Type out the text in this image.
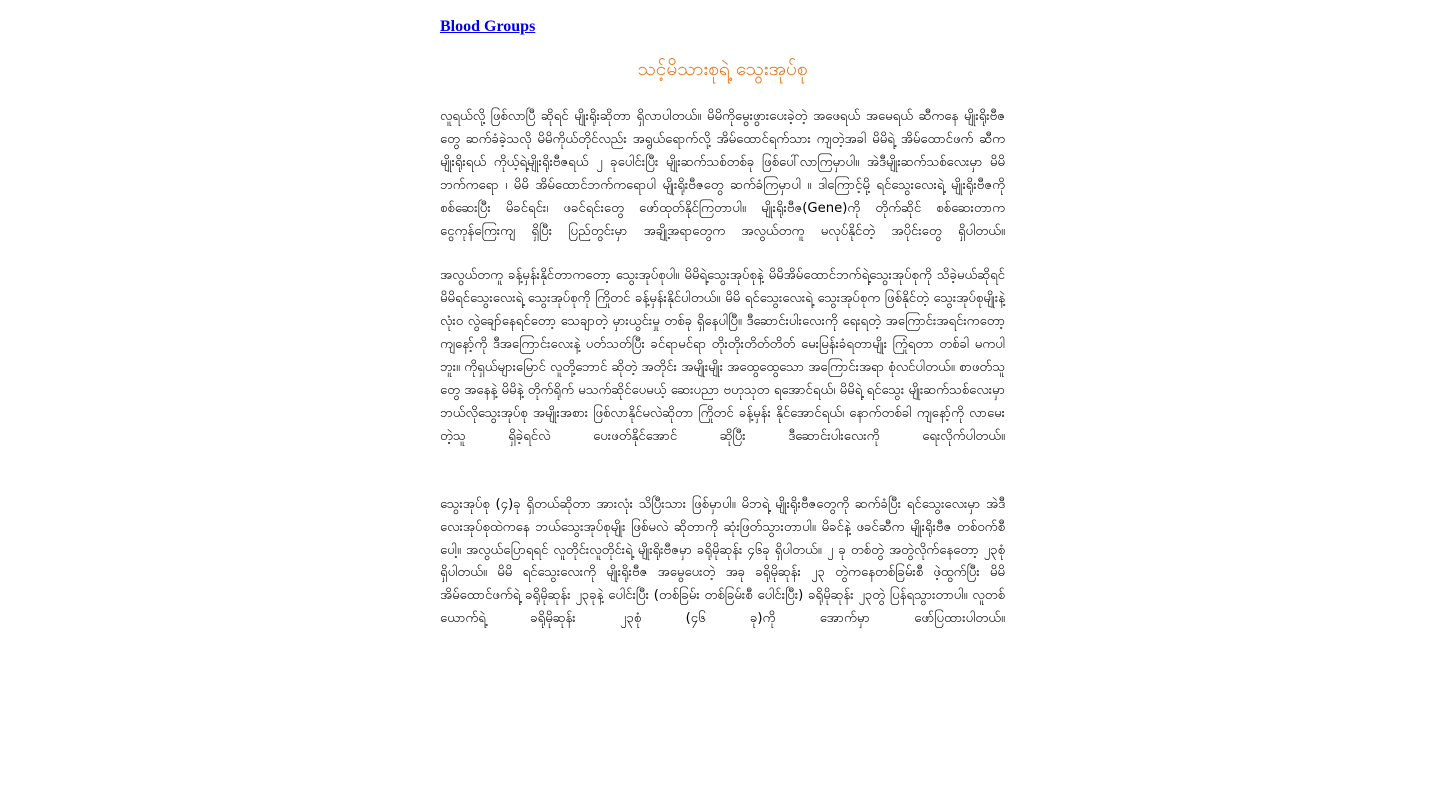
Blood Groups
သင့်မိသားစုရဲ့ သွေးအုပ်စု

လူရယ်လို့ ဖြစ်လာပြီ ဆိုရင် မျိုးရိုးဆိုတာ ရှိလာပါတယ်။ မိမိကိုမွေးဖွားပေးခဲ့တဲ့ အဖေရယ် အမေရယ် ဆီကနေ မျိုးရိုးဗီဇတွေ ဆက်ခံခဲ့သလို မိမိကိုယ်တိုင်လည်း အရွယ်ရောက်လို့ အိမ်ထောင်ရက်သား ကျတဲ့အခါ မိမိရဲ့ အိမ်ထောင်ဖက် ဆီက မျိုးရိုးရယ် ကိုယ့်ရဲ့မျိုးရိုးဗီဇရယ် ၂ ခုပေါင်းပြီး မျိုးဆက်သစ်တစ်ခု ဖြစ်ပေါ်လာကြမှာပါ။ အဲဒီမျိုးဆက်သစ်လေးမှာ မိမိဘက်ကရော ၊ မိမိ အိမ်ထောင်ဘက်ကရောပါ မျိုးရိုးဗီဇတွေ ဆက်ခံကြမှာပါ ။ ဒါကြောင့်မို့ ရင်သွေးလေးရဲ့ မျိုးရိုးဗီဇကို စစ်ဆေးပြီး မိခင်ရင်း၊ ဖခင်ရင်းတွေ ဖော်ထုတ်နိုင်ကြတာပါ။ မျိုးရိုးဗီဇ(Gene)ကို တိုက်ဆိုင် စစ်ဆေးတာက ငွေကုန်ကြေးကျ ရှိပြီး ပြည်တွင်းမှာ အချို့အရာတွေက အလွယ်တကူ မလုပ်နိုင်တဲ့ အပိုင်းတွေ ရှိပါတယ်။

အလွယ်တကူ ခန့်မှန်းနိုင်တာကတော့ သွေးအုပ်စုပါ။ မိမိရဲ့သွေးအုပ်စုနဲ့ မိမိအိမ်ထောင်ဘက်ရဲ့သွေးအုပ်စုကို သိခဲ့မယ်ဆိုရင် မိမိရင်သွေးလေးရဲ့ သွေးအုပ်စုကို ကြိုတင် ခန့်မှန်းနိုင်ပါတယ်။ မိမိ ရင်သွေးလေးရဲ့ သွေးအုပ်စုက ဖြစ်နိုင်တဲ့ သွေးအုပ်စုမျိုးနဲ့ လုံးဝ လွဲချော်နေရင်တော့ သေချာတဲ့ မှားယွင်းမှု တစ်ခု ရှိနေပါပြီ။ ဒီဆောင်းပါးလေးကို ရေးရတဲ့ အကြောင်းအရင်းကတော့ ကျနော့်ကို ဒီအကြောင်းလေးနဲ့ ပတ်သတ်ပြီး ခင်ရာမင်ရာ တိုးတိုးတိတ်တိတ် မေးမြန်းခံရတာမျိုး ကြုံရတာ တစ်ခါ မကပါဘူး။ ကိုရှယ်များမြောင် လူတို့ဘောင် ဆိုတဲ့ အတိုင်း အမျိုးမျိုး အထွေထွေသော အကြောင်းအရာ စုံလင်ပါတယ်။ စာဖတ်သူတွေ အနေနဲ့ မိမိနဲ့ တိုက်ရိုက် မသက်ဆိုင်ပေမယ့် ဆေးပညာ ဗဟုသုတ ရအောင်ရယ်၊ မိမိရဲ့ ရင်သွေး မျိုးဆက်သစ်လေးမှာ ဘယ်လိုသွေးအုပ်စု အမျိုးအစား ဖြစ်လာနိုင်မလဲဆိုတာ ကြိုတင် ခန့်မှန်း နိုင်အောင်ရယ်၊ နောက်တစ်ခါ ကျနော့်ကို လာမေးတဲ့သူ ရှိခဲ့ရင်လဲ ပေးဖတ်နိုင်အောင် ဆိုပြီး ဒီဆောင်းပါးလေးကို ရေးလိုက်ပါတယ်။

သွေးအုပ်စု (၄)ခု ရှိတယ်ဆိုတာ အားလုံး သိပြီးသား ဖြစ်မှာပါ။ မိဘရဲ့ မျိုးရိုးဗီဇတွေကို ဆက်ခံပြီး ရင်သွေးလေးမှာ အဲဒီ လေးအုပ်စုထဲကနေ ဘယ်သွေးအုပ်စုမျိုး ဖြစ်မလဲ ဆိုတာကို ဆုံးဖြတ်သွားတာပါ။ မိခင်နဲ့ ဖခင်ဆီက မျိုးရိုးဗီဇ တစ်ဝက်စီပေါ့။ အလွယ်ပြောရရင် လူတိုင်းလူတိုင်းရဲ့ မျိုးရိုးဗီဇမှာ ခရိုမိုဆုန်း ၄၆ခု ရှိပါတယ်။ ၂ ခု တစ်တွဲ အတွဲလိုက်နေတော့ ၂၃စုံ ရှိပါတယ်။ မိမိ ရင်သွေးလေးကို မျိုးရိုးဗီဇ အမွေပေးတဲ့ အခု ခရိုမိုဆုန်း ၂၃ တွဲကနေတစ်ခြမ်းစီ ဖဲ့ထွက်ပြီး မိမိအိမ်ထောင်ဖက်ရဲ့ ခရိုမိုဆုန်း ၂၃ခုနဲ့ ပေါင်းပြီး (တစ်ခြမ်း တစ်ခြမ်းစီ ပေါင်းပြီး) ခရိုမိုဆုန်း ၂၃တွဲ ပြန်ရသွားတာပါ။ လူတစ်ယောက်ရဲ့ ခရိုမိုဆုန်း ၂၃စုံ (၄၆ ခု)ကို အောက်မှာ ဖော်ပြထားပါတယ်။
